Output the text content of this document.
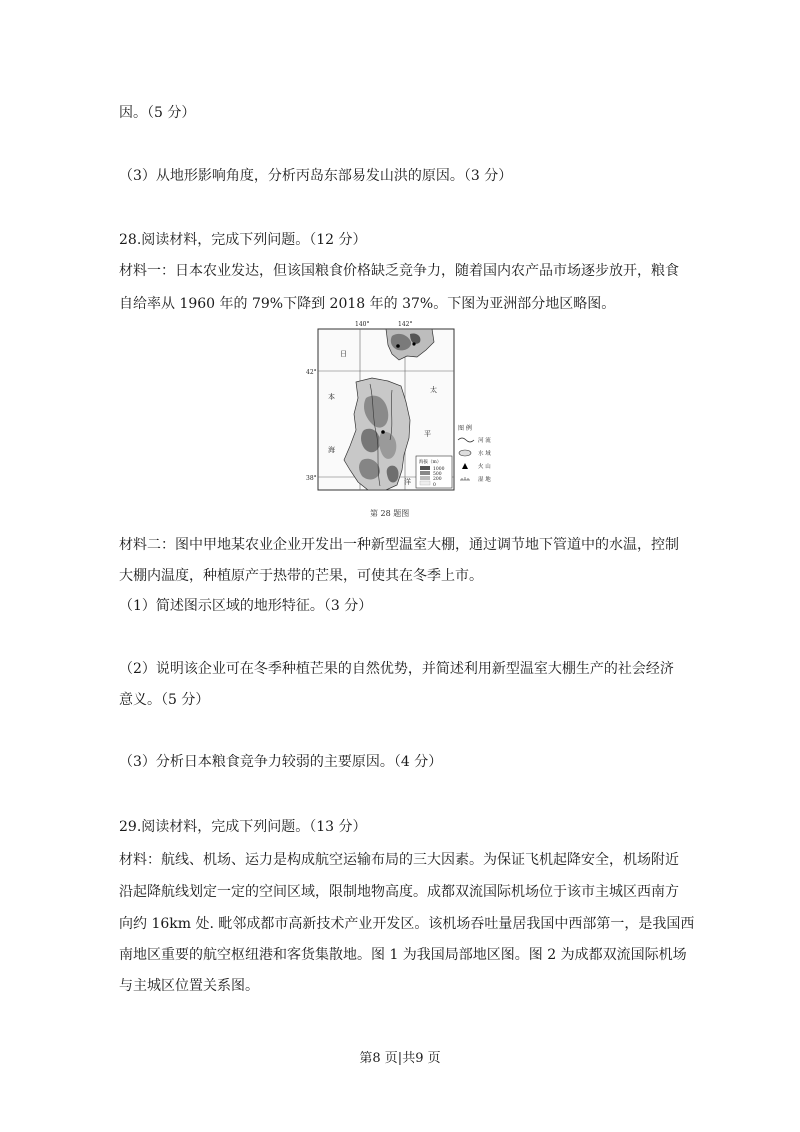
因。（5 分）
（3）从地形影响角度，分析丙岛东部易发山洪的原因。（3 分）
28.阅读材料，完成下列问题。（12 分）
材料一：日本农业发达，但该国粮食价格缺乏竞争力，随着国内农产品市场逐步放开，粮食
自给率从 1960 年的 79%下降到 2018 年的 37%。下图为亚洲部分地区略图。
材料二：图中甲地某农业企业开发出一种新型温室大棚，通过调节地下管道中的水温，控制
大棚内温度，种植原产于热带的芒果，可使其在冬季上市。
（1）简述图示区域的地形特征。（3 分）
（2）说明该企业可在冬季种植芒果的自然优势，并简述利用新型温室大棚生产的社会经济
意义。（5 分）
（3）分析日本粮食竞争力较弱的主要原因。（4 分）
29.阅读材料，完成下列问题。（13 分）
材料：航线、机场、运力是构成航空运输布局的三大因素。为保证飞机起降安全，机场附近
沿起降航线划定一定的空间区域，限制地物高度。成都双流国际机场位于该市主城区西南方
向约 16km 处. 毗邻成都市高新技术产业开发区。该机场吞吐量居我国中西部第一，是我国西
南地区重要的航空枢纽港和客货集散地。图 1 为我国局部地区图。图 2 为成都双流国际机场
与主城区位置关系图。
140°	142°
42°
38°
日
本
海
太
平
洋
海拔（m）
1000
500
200
0
图 例
河 流
水 域
火 山
湿 地
第 28 题图
第8 页|共9 页
